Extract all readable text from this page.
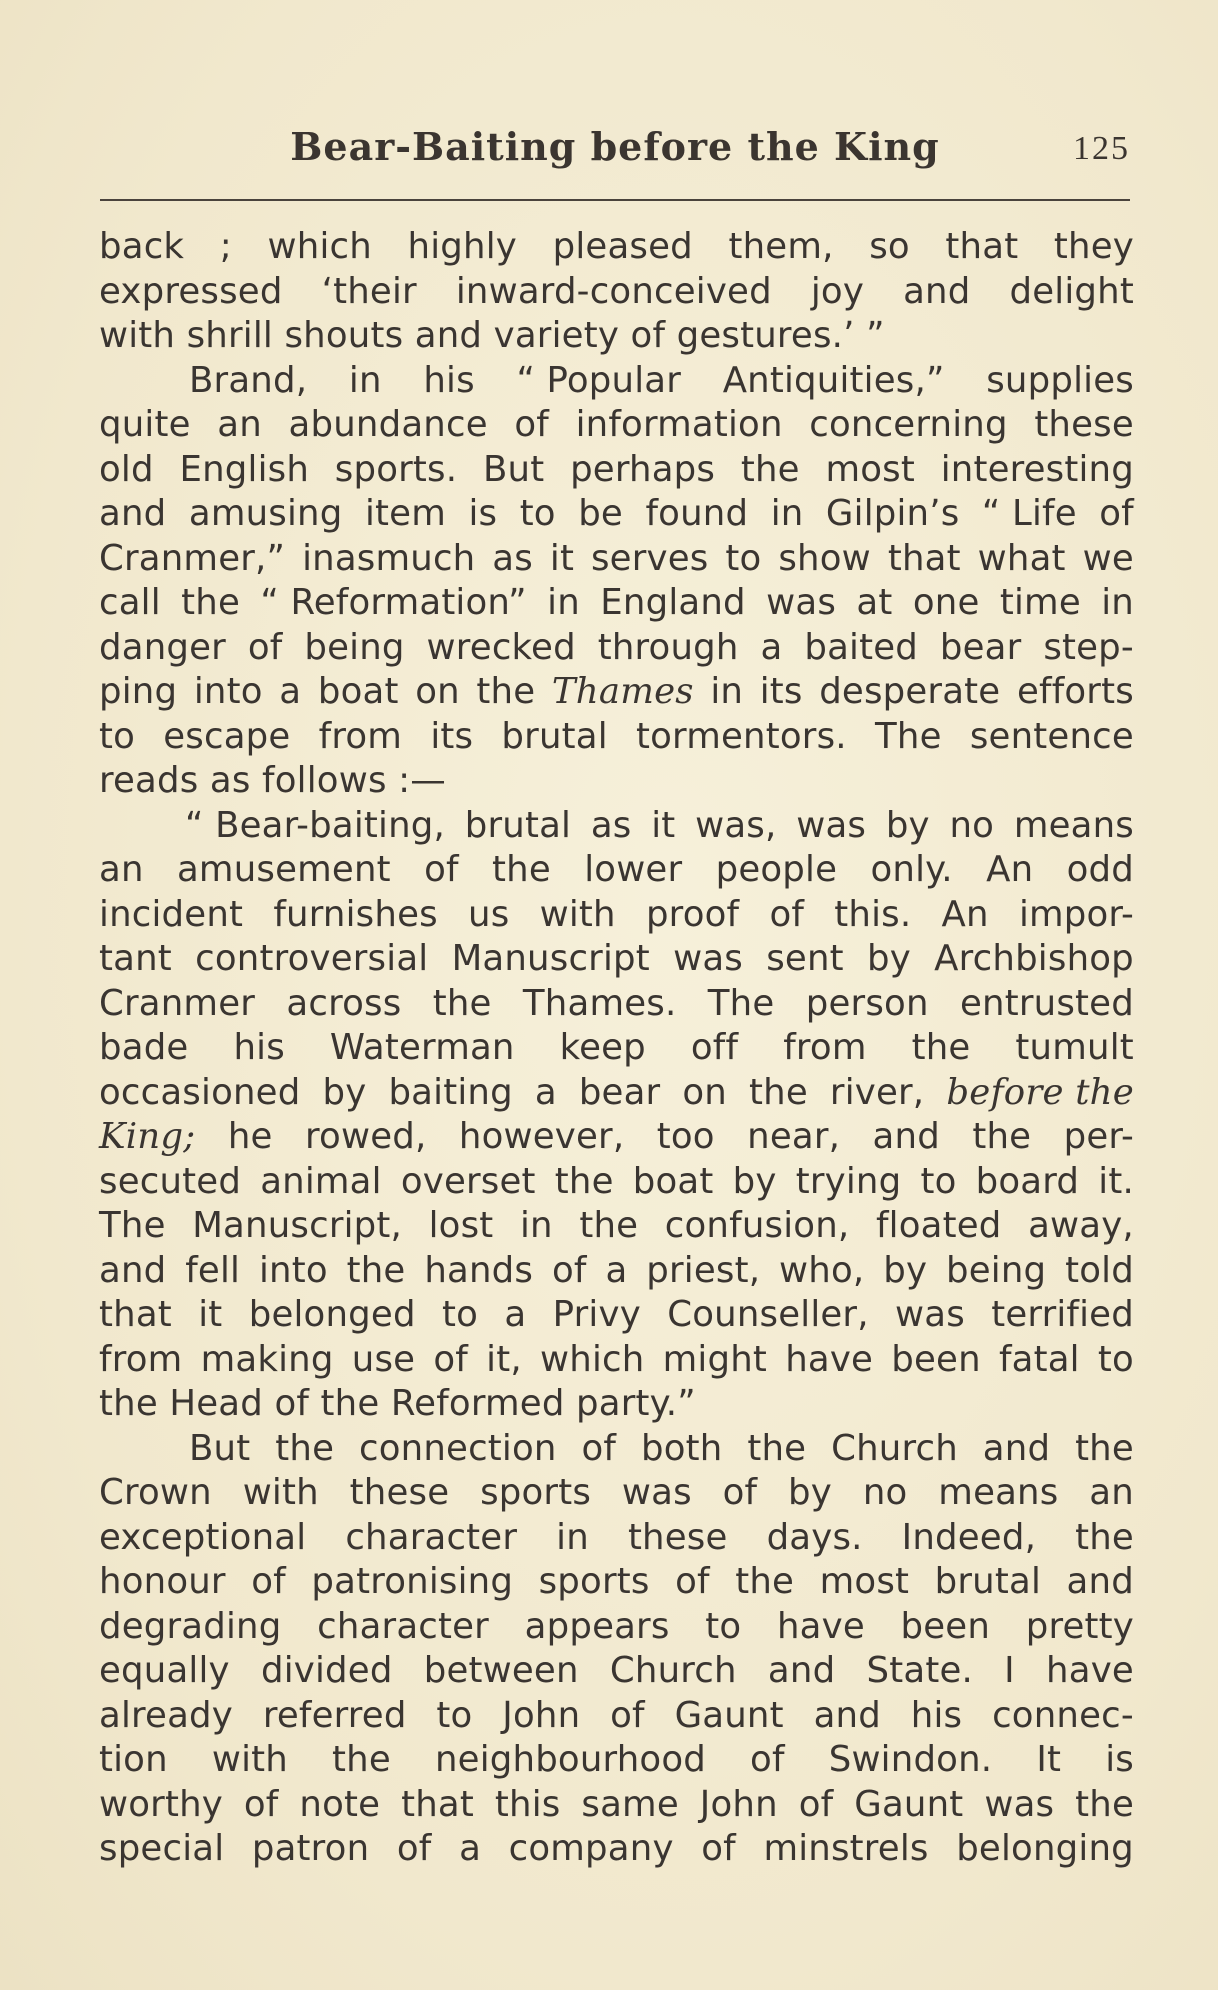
Bear-Baiting before the King	125
back ; which highly pleased them, so that they
expressed ‘their inward-conceived joy and delight
with shrill shouts and variety of gestures.’ ”
Brand, in his “ Popular Antiquities,” supplies
quite an abundance of information concerning these
old English sports. But perhaps the most interesting
and amusing item is to be found in Gilpin’s “ Life of
Cranmer,” inasmuch as it serves to show that what we
call the “ Reformation” in England was at one time in
danger of being wrecked through a baited bear step-
ping into a boat on the Thames in its desperate efforts
to escape from its brutal tormentors. The sentence
reads as follows :—
“ Bear-baiting, brutal as it was, was by no means
an amusement of the lower people only. An odd
incident furnishes us with proof of this. An impor-
tant controversial Manuscript was sent by Archbishop
Cranmer across the Thames. The person entrusted
bade his Waterman keep off from the tumult
occasioned by baiting a bear on the river, before the
King; he rowed, however, too near, and the per-
secuted animal overset the boat by trying to board it.
The Manuscript, lost in the confusion, floated away,
and fell into the hands of a priest, who, by being told
that it belonged to a Privy Counseller, was terrified
from making use of it, which might have been fatal to
the Head of the Reformed party.”
But the connection of both the Church and the
Crown with these sports was of by no means an
exceptional character in these days. Indeed, the
honour of patronising sports of the most brutal and
degrading character appears to have been pretty
equally divided between Church and State. I have
already referred to John of Gaunt and his connec-
tion with the neighbourhood of Swindon. It is
worthy of note that this same John of Gaunt was the
special patron of a company of minstrels belonging
